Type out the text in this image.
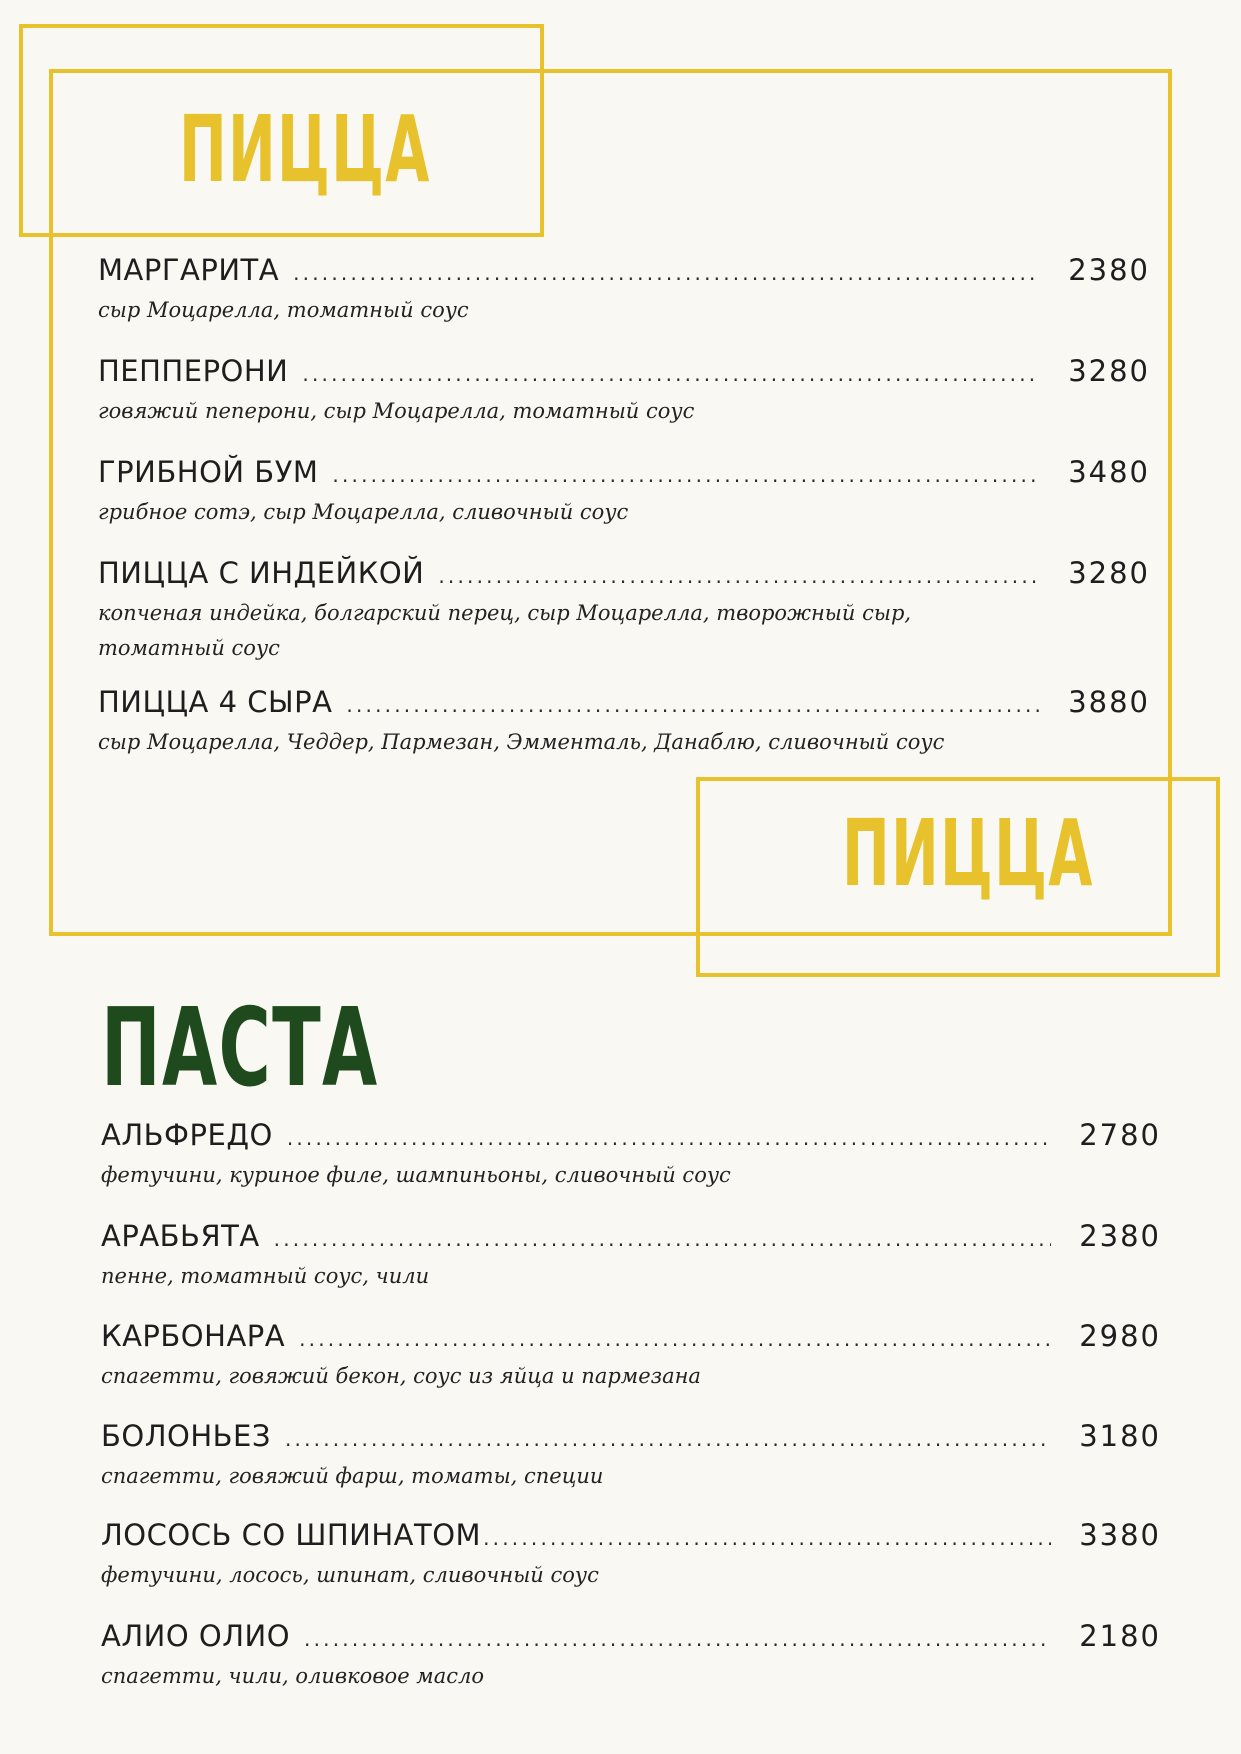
ПИЦЦА
ПИЦЦА
ПАСТА
МАРГАРИТА .....	2380
сыр Моцарелла, томатный соус
ПЕППЕРОНИ .....	3280
говяжий пеперони, сыр Моцарелла, томатный соус
ГРИБНОЙ БУМ .....	3480
грибное сотэ, сыр Моцарелла, сливочный соус
ПИЦЦА С ИНДЕЙКОЙ .....	3280
копченая индейка, болгарский перец, сыр Моцарелла, творожный сыр, томатный соус
ПИЦЦА 4 СЫРА .....	3880
сыр Моцарелла, Чеддер, Пармезан, Эмменталь, Данаблю, сливочный соус
АЛЬФРЕДО .....	2780
фетучини, куриное филе, шампиньоны, сливочный соус
АРАБЬЯТА .....	2380
пенне, томатный соус, чили
КАРБОНАРА .....	2980
спагетти, говяжий бекон, соус из яйца и пармезана
БОЛОНЬЕЗ .....	3180
спагетти, говяжий фарш, томаты, специи
ЛОСОСЬ СО ШПИНАТОМ .....	3380
фетучини, лосось, шпинат, сливочный соус
АЛИО ОЛИО .....	2180
спагетти, чили, оливковое масло
